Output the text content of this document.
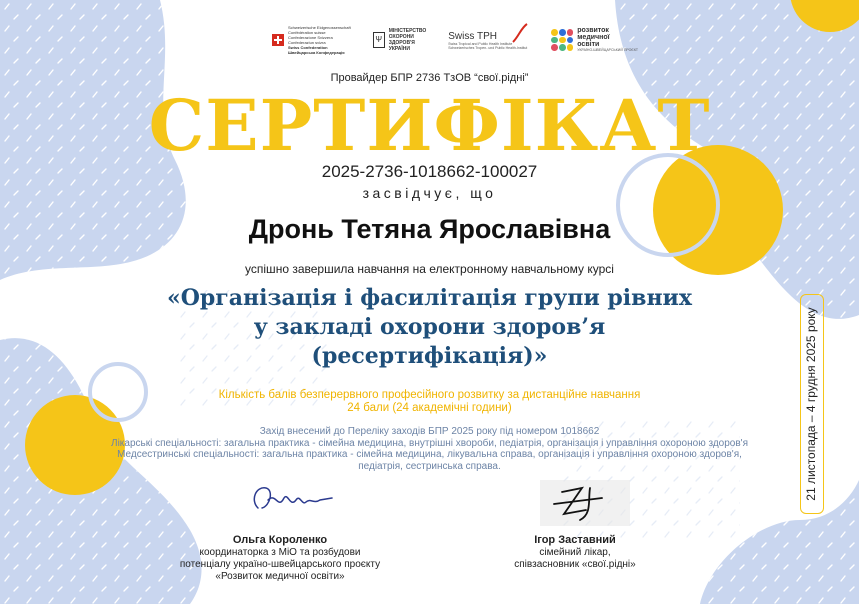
Schweizerische Eidgenossenschaft
Confédération suisse
Confederazione Svizzera
Confederaziun svizra
Swiss Confederation
Швейцарська Конфедерація
Ψ
МІНІСТЕРСТВО
ОХОРОНИ
ЗДОРОВ'Я
УКРАЇНИ
Swiss TPH
Swiss Tropical and Public Health Institute
Schweizerisches Tropen- und Public Health-Institut
розвиток
медичної
освіти
УКРАЇНО-ШВЕЙЦАРСЬКИЙ ПРОЄКТ
Провайдер БПР 2736 ТзОВ “свої.рідні”
СЕРТИФІКАТ
2025-2736-1018662-100027
засвідчує, що
Дронь Тетяна Ярославівна
успішно завершила навчання на електронному навчальному курсі
«Організація і фасилітація групи рівних
у закладі охорони здоров’я
(ресертифікація)»
Кількість балів безперервного професійного розвитку за дистанційне навчання
24 бали (24 академічні години)
Захід внесений до Переліку заходів БПР 2025 року під номером 1018662
Лікарські спеціальності: загальна практика - сімейна медицина, внутрішні хвороби, педіатрія, організація і управління охороною здоров'я
Медсестринські спеціальності: загальна практика - сімейна медицина, лікувальна справа, організація і управління охороною здоров'я,
педіатрія, сестринська справа.
Ольга Короленко
координаторка з МіО та розбудови
потенціалу україно-швейцарського проєкту
«Розвиток медичної освіти»
Ігор Заставний
сімейний лікар,
співзасновник «свої.рідні»
21 листопада – 4 грудня 2025 року
